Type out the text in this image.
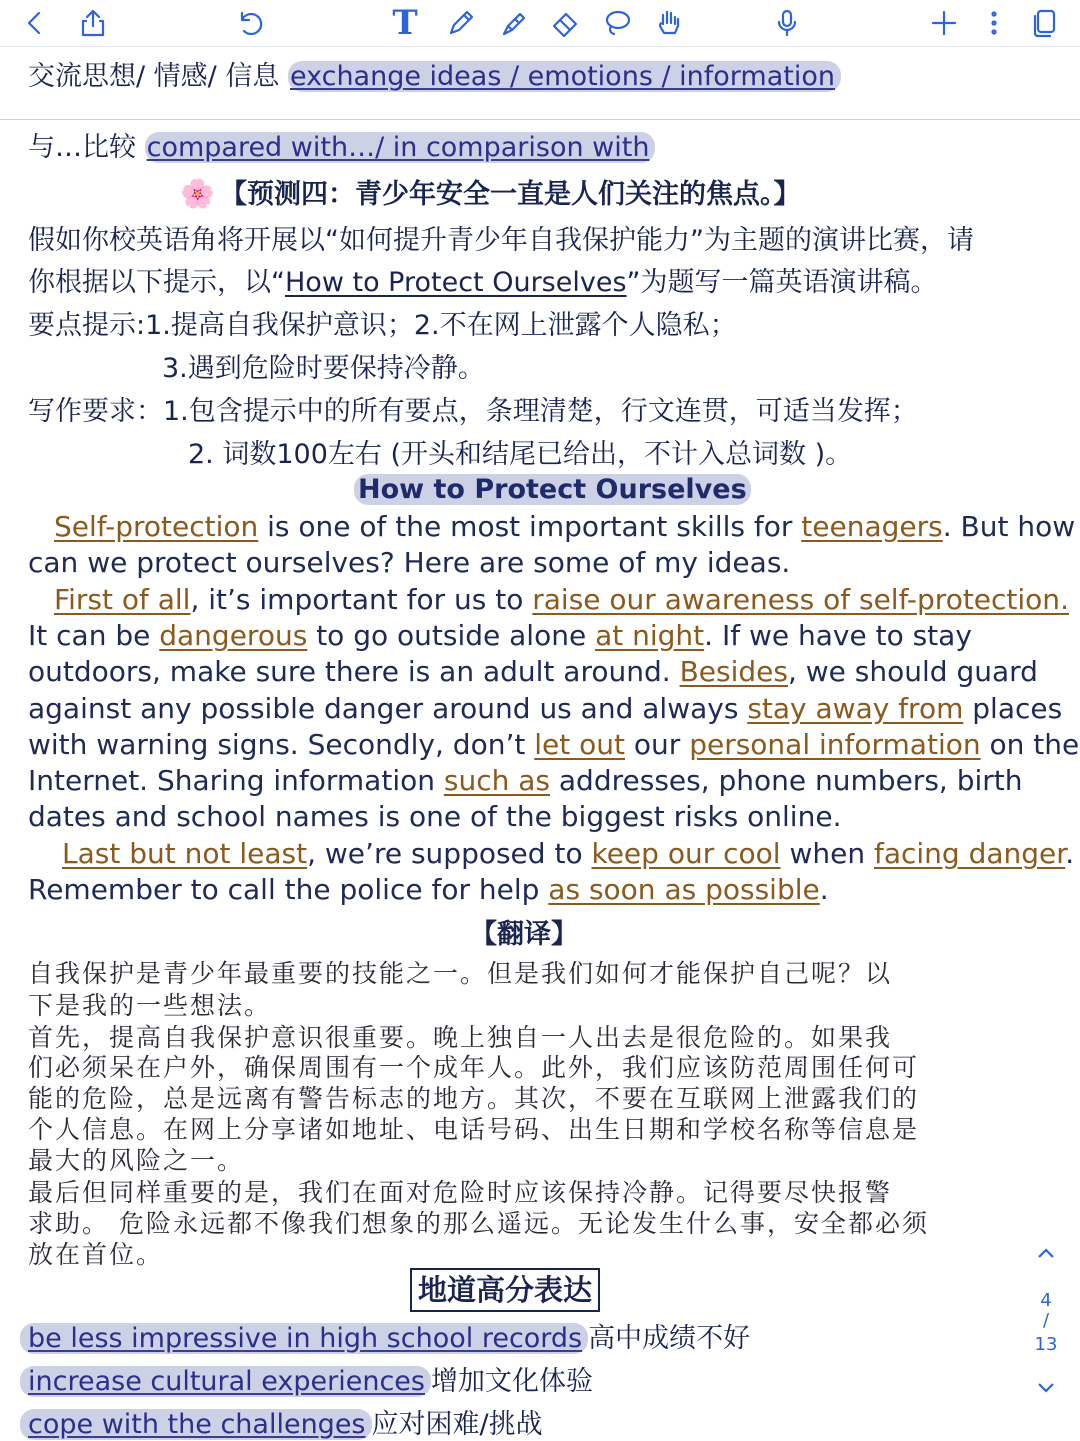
T
交流思想/ 情感/ 信息 exchange ideas / emotions / information
与…比较 compared with…/ in comparison with
🌸 【预测四：青少年安全一直是人们关注的焦点。】
假如你校英语角将开展以“如何提升青少年自我保护能力”为主题的演讲比赛，请
你根据以下提示，以“How to Protect Ourselves”为题写一篇英语演讲稿。
要点提示:1.提高自我保护意识；2.不在网上泄露个人隐私；
3.遇到危险时要保持冷静。
写作要求：1.包含提示中的所有要点，条理清楚，行文连贯，可适当发挥；
2. 词数100左右 (开头和结尾已给出，不计入总词数 )。
How to Protect Ourselves
Self-protection is one of the most important skills for teenagers. But how
can we protect ourselves? Here are some of my ideas.
First of all, it’s important for us to raise our awareness of self-protection.
It can be dangerous to go outside alone at night. If we have to stay
outdoors, make sure there is an adult around. Besides, we should guard
against any possible danger around us and always stay away from places
with warning signs. Secondly, don’t let out our personal information on the
Internet. Sharing information such as addresses, phone numbers, birth
dates and school names is one of the biggest risks online.
Last but not least, we’re supposed to keep our cool when facing danger.
Remember to call the police for help as soon as possible.
【翻译】
自我保护是青少年最重要的技能之一。但是我们如何才能保护自己呢？以
下是我的一些想法。
首先，提高自我保护意识很重要。晚上独自一人出去是很危险的。如果我
们必须呆在户外，确保周围有一个成年人。此外，我们应该防范周围任何可
能的危险，总是远离有警告标志的地方。其次，不要在互联网上泄露我们的
个人信息。在网上分享诸如地址、电话号码、出生日期和学校名称等信息是
最大的风险之一。
最后但同样重要的是，我们在面对危险时应该保持冷静。记得要尽快报警
求助。 危险永远都不像我们想象的那么遥远。无论发生什么事，安全都必须
放在首位。
地道高分表达
be less impressive in high school records 高中成绩不好
increase cultural experiences 增加文化体验
cope with the challenges 应对困难/挑战
4
/
13
